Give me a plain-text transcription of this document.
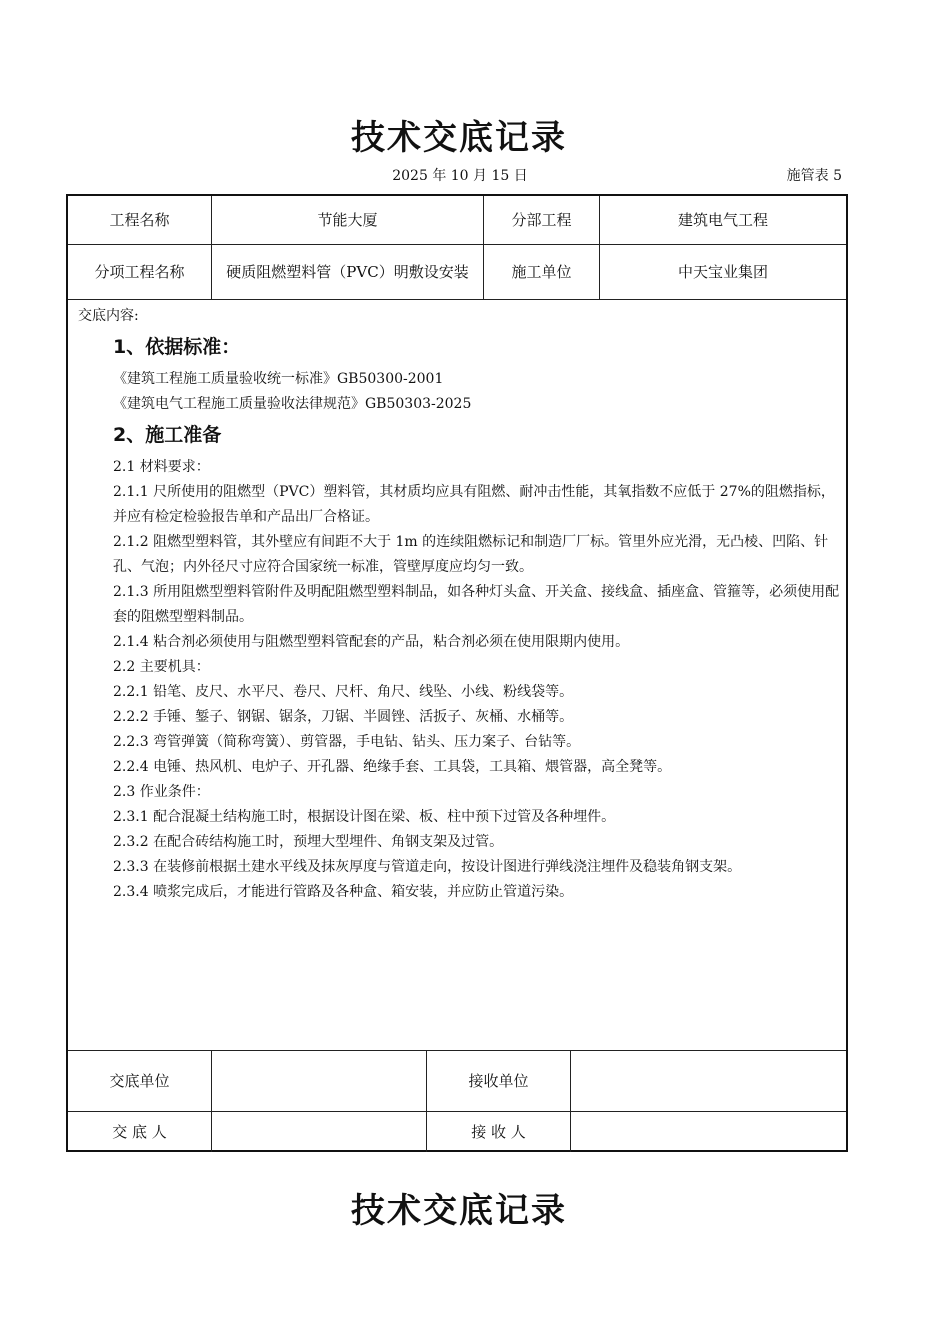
技术交底记录
2025 年 10 月 15 日	施管表 5
工程名称	节能大厦	分部工程	建筑电气工程
分项工程名称	硬质阻燃塑料管（PVC）明敷设安装	施工单位	中天宝业集团
交底内容:
1、依据标准：
《建筑工程施工质量验收统一标准》GB50300-2001
《建筑电气工程施工质量验收法律规范》GB50303-2025
2、施工准备
2.1 材料要求：
2.1.1 尺所使用的阻燃型（PVC）塑料管，其材质均应具有阻燃、耐冲击性能，其氧指数不应低于 27%的阻燃指标，并应有检定检验报告单和产品出厂合格证。
2.1.2 阻燃型塑料管，其外壁应有间距不大于 1m 的连续阻燃标记和制造厂厂标。管里外应光滑，无凸棱、凹陷、针孔、气泡；内外径尺寸应符合国家统一标准，管壁厚度应均匀一致。
2.1.3 所用阻燃型塑料管附件及明配阻燃型塑料制品，如各种灯头盒、开关盒、接线盒、插座盒、管箍等，必须使用配套的阻燃型塑料制品。
2.1.4 粘合剂必须使用与阻燃型塑料管配套的产品，粘合剂必须在使用限期内使用。
2.2 主要机具：
2.2.1 铅笔、皮尺、水平尺、卷尺、尺杆、角尺、线坠、小线、粉线袋等。
2.2.2 手锤、錾子、钢锯、锯条，刀锯、半圆锉、活扳子、灰桶、水桶等。
2.2.3 弯管弹簧（简称弯簧）、剪管器，手电钻、钻头、压力案子、台钻等。
2.2.4 电锤、热风机、电炉子、开孔器、绝缘手套、工具袋，工具箱、煨管器，高全凳等。
2.3 作业条件：
2.3.1 配合混凝土结构施工时，根据设计图在梁、板、柱中预下过管及各种埋件。
2.3.2 在配合砖结构施工时，预埋大型埋件、角钢支架及过管。
2.3.3 在装修前根据土建水平线及抹灰厚度与管道走向，按设计图进行弹线浇注埋件及稳装角钢支架。
2.3.4 喷浆完成后，才能进行管路及各种盒、箱安装，并应防止管道污染。
交底单位	接收单位
交 底 人	接 收 人
技术交底记录
